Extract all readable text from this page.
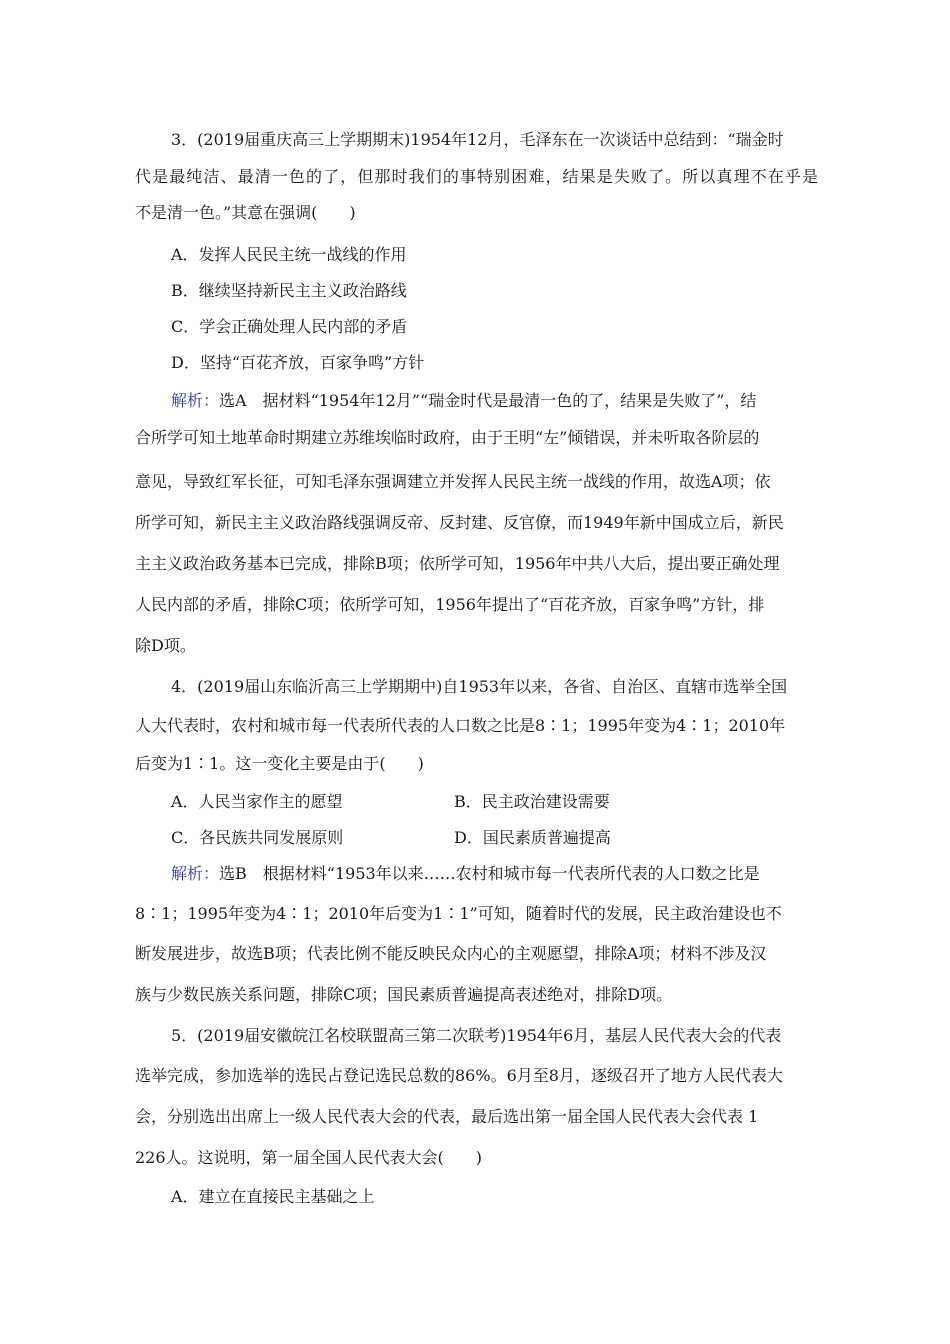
3．(2019届重庆高三上学期期末)1954年12月，毛泽东在一次谈话中总结到：“瑞金时
代是最纯洁、最清一色的了，但那时我们的事特别困难，结果是失败了。所以真理不在乎是
不是清一色。”其意在强调(　　)
A．发挥人民民主统一战线的作用
B．继续坚持新民主主义政治路线
C．学会正确处理人民内部的矛盾
D．坚持“百花齐放，百家争鸣”方针
解析：选A　据材料“1954年12月”“瑞金时代是最清一色的了，结果是失败了”，结
合所学可知土地革命时期建立苏维埃临时政府，由于王明“左”倾错误，并未听取各阶层的
意见，导致红军长征，可知毛泽东强调建立并发挥人民民主统一战线的作用，故选A项；依
所学可知，新民主主义政治路线强调反帝、反封建、反官僚，而1949年新中国成立后，新民
主主义政治政务基本已完成，排除B项；依所学可知，1956年中共八大后，提出要正确处理
人民内部的矛盾，排除C项；依所学可知，1956年提出了“百花齐放，百家争鸣”方针，排
除D项。
4．(2019届山东临沂高三上学期期中)自1953年以来，各省、自治区、直辖市选举全国
人大代表时，农村和城市每一代表所代表的人口数之比是8∶1；1995年变为4∶1；2010年
后变为1∶1。这一变化主要是由于(　　)
A．人民当家作主的愿望	B．民主政治建设需要
C．各民族共同发展原则	D．国民素质普遍提高
解析：选B　根据材料“1953年以来……农村和城市每一代表所代表的人口数之比是
8∶1；1995年变为4∶1；2010年后变为1∶1”可知，随着时代的发展，民主政治建设也不
断发展进步，故选B项；代表比例不能反映民众内心的主观愿望，排除A项；材料不涉及汉
族与少数民族关系问题，排除C项；国民素质普遍提高表述绝对，排除D项。
5．(2019届安徽皖江名校联盟高三第二次联考)1954年6月，基层人民代表大会的代表
选举完成，参加选举的选民占登记选民总数的86%。6月至8月，逐级召开了地方人民代表大
会，分别选出出席上一级人民代表大会的代表，最后选出第一届全国人民代表大会代表 1
226人。这说明，第一届全国人民代表大会(　　)
A．建立在直接民主基础之上
